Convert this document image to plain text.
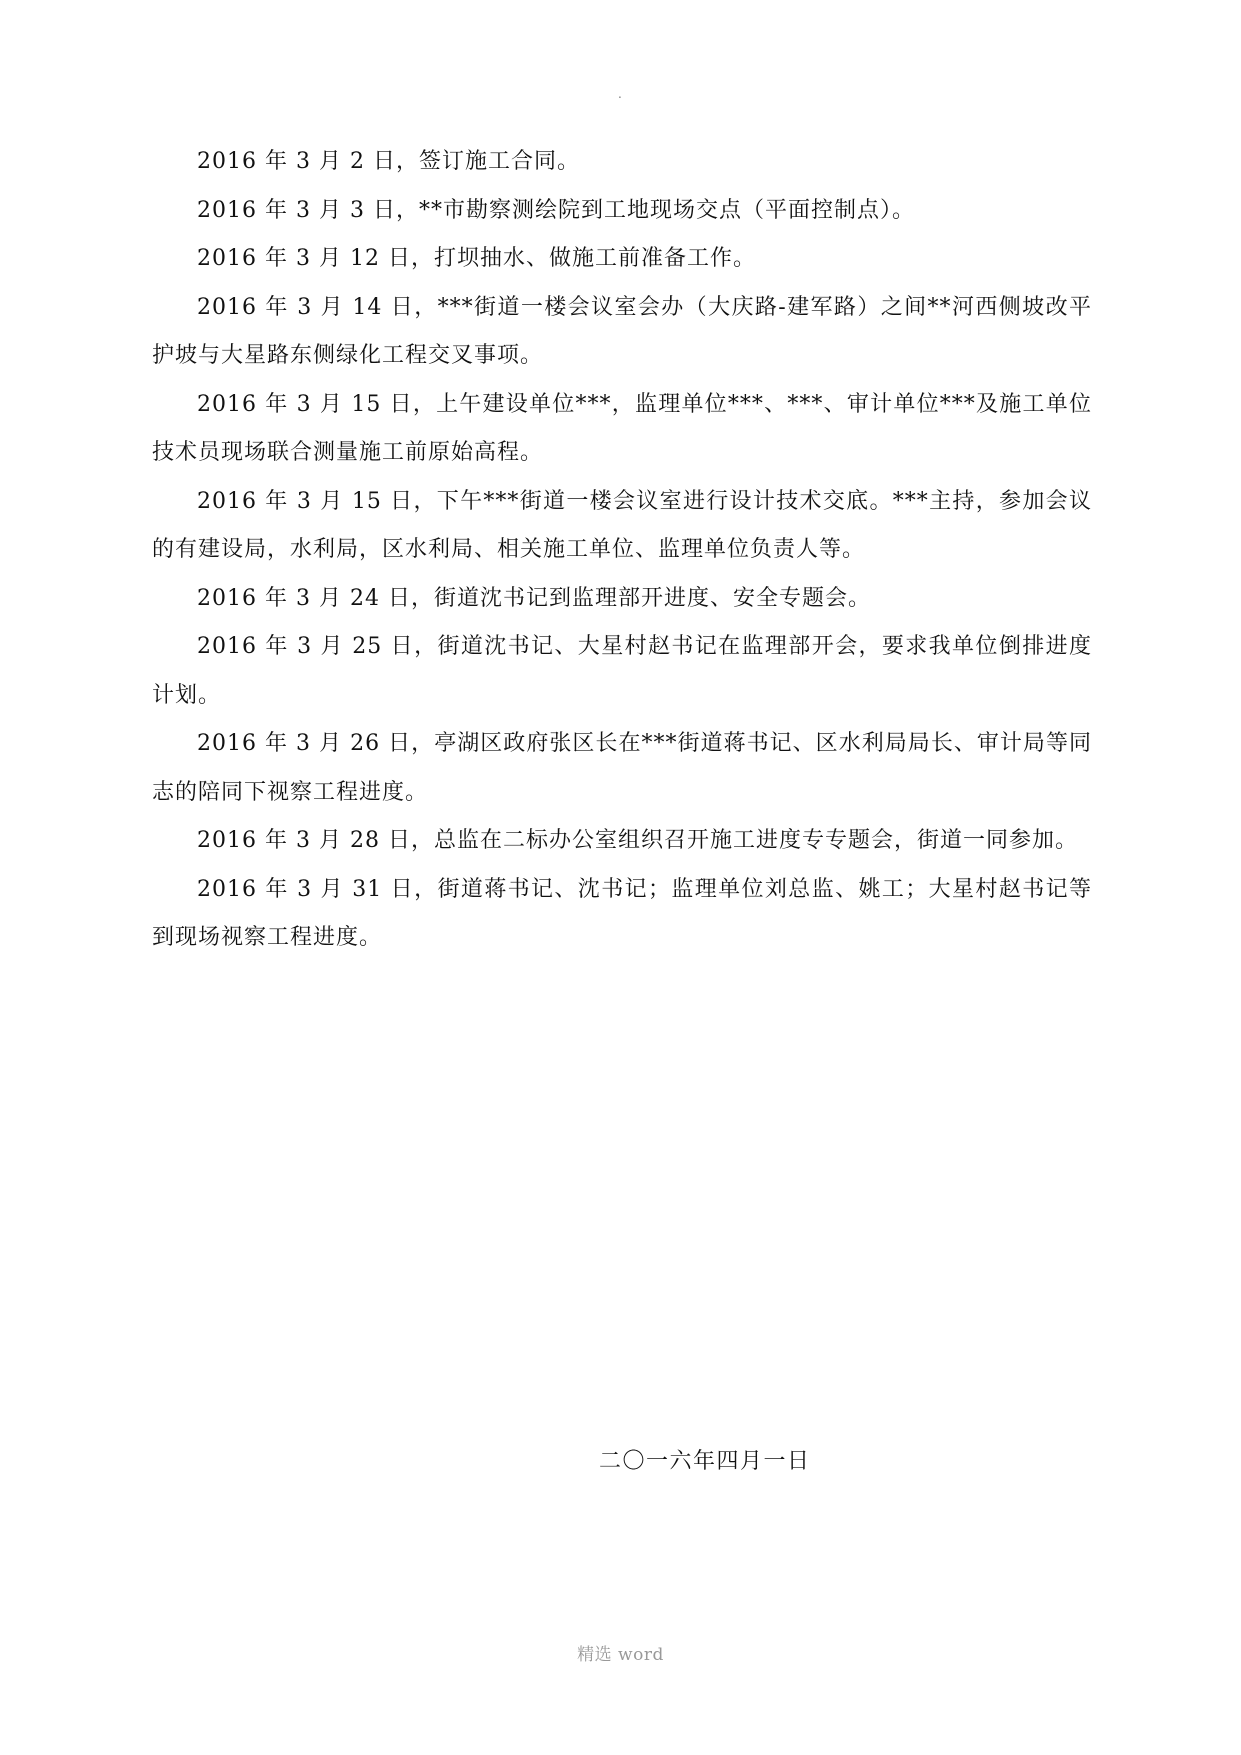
.

2016 年 3 月 2 日，签订施工合同。

2016 年 3 月 3 日，**市勘察测绘院到工地现场交点（平面控制点）。

2016 年 3 月 12 日，打坝抽水、做施工前准备工作。

2016 年 3 月 14 日，***街道一楼会议室会办（大庆路-建军路）之间**河西侧坡改平护坡与大星路东侧绿化工程交叉事项。

2016 年 3 月 15 日，上午建设单位***，监理单位***、***、审计单位***及施工单位技术员现场联合测量施工前原始高程。

2016 年 3 月 15 日，下午***街道一楼会议室进行设计技术交底。***主持，参加会议的有建设局，水利局，区水利局、相关施工单位、监理单位负责人等。

2016 年 3 月 24 日，街道沈书记到监理部开进度、安全专题会。

2016 年 3 月 25 日，街道沈书记、大星村赵书记在监理部开会，要求我单位倒排进度计划。

2016 年 3 月 26 日，亭湖区政府张区长在***街道蒋书记、区水利局局长、审计局等同志的陪同下视察工程进度。

2016 年 3 月 28 日，总监在二标办公室组织召开施工进度专专题会，街道一同参加。

2016 年 3 月 31 日，街道蒋书记、沈书记；监理单位刘总监、姚工；大星村赵书记等到现场视察工程进度。

二〇一六年四月一日
精选 word
